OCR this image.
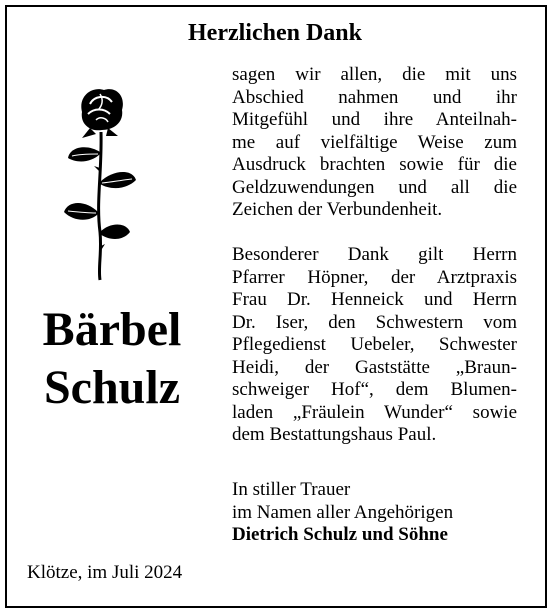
Herzlichen Dank
Bärbel
Schulz
sagen wir allen, die mit uns
Abschied nahmen und ihr
Mitgefühl und ihre Anteilnah-
me auf vielfältige Weise zum
Ausdruck brachten sowie für die
Geldzuwendungen und all die
Zeichen der Verbundenheit.
Besonderer Dank gilt Herrn
Pfarrer Höpner, der Arztpraxis
Frau Dr. Henneick und Herrn
Dr. Iser, den Schwestern vom
Pflegedienst Uebeler, Schwester
Heidi, der Gaststätte „Braun-
schweiger Hof“, dem Blumen-
laden „Fräulein Wunder“ sowie
dem Bestattungshaus Paul.
In stiller Trauer
im Namen aller Angehörigen
Dietrich Schulz und Söhne
Klötze, im Juli 2024
